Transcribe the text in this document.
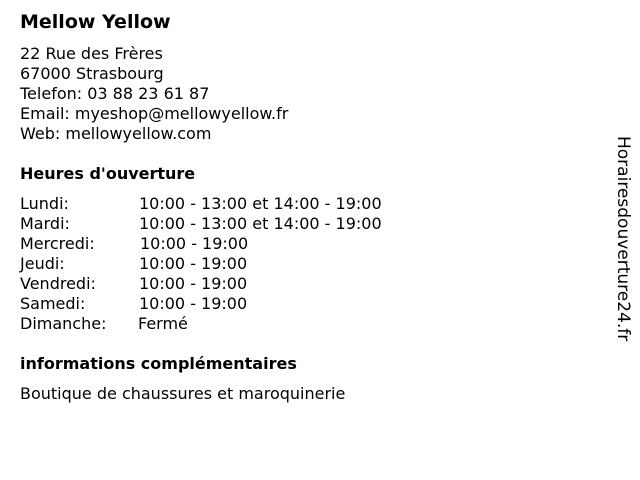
Mellow Yellow
22 Rue des Frères
67000 Strasbourg
Telefon: 03 88 23 61 87
Email: myeshop@mellowyellow.fr
Web: mellowyellow.com
Heures d'ouverture
Lundi:	10:00 - 13:00 et 14:00 - 19:00
Mardi:	10:00 - 13:00 et 14:00 - 19:00
Mercredi:	10:00 - 19:00
Jeudi:	10:00 - 19:00
Vendredi:	10:00 - 19:00
Samedi:	10:00 - 19:00
Dimanche:	Fermé
informations complémentaires
Boutique de chaussures et maroquinerie
Horairesdouverture24.fr
